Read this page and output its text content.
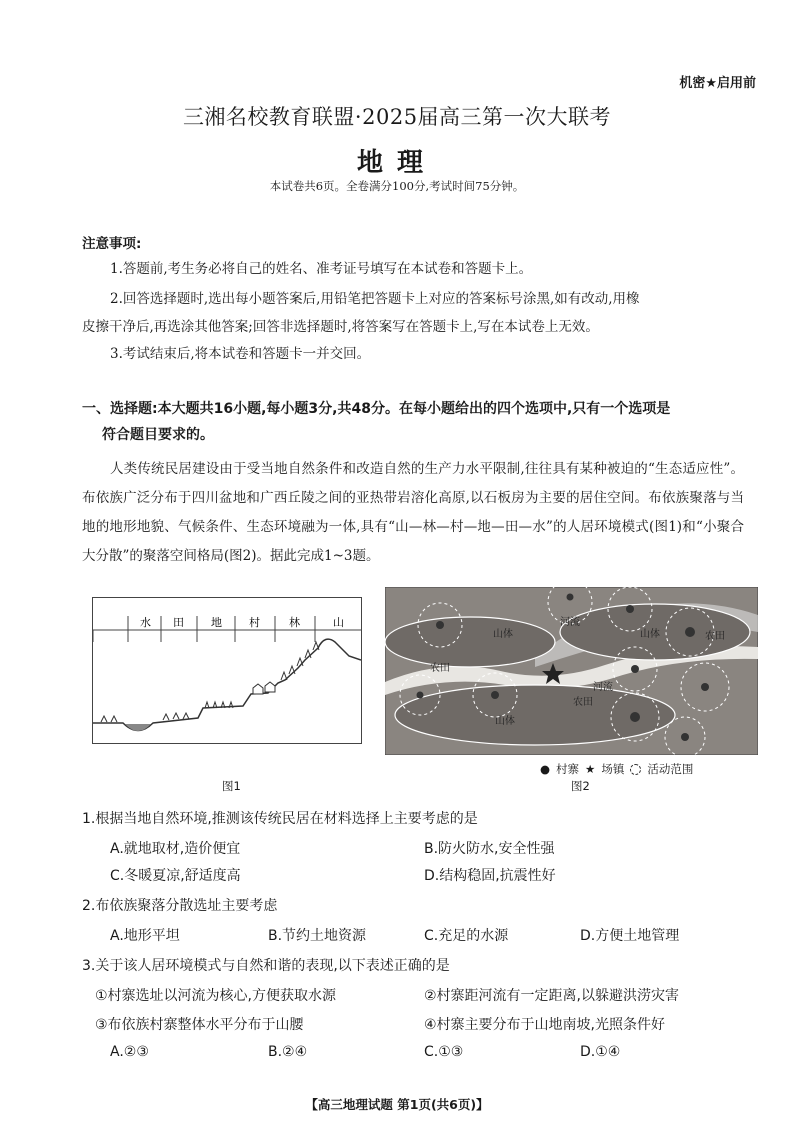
机密★启用前
三湘名校教育联盟·2025届高三第一次大联考
地理
本试卷共6页。全卷满分100分,考试时间75分钟。
注意事项:
1.答题前,考生务必将自己的姓名、准考证号填写在本试卷和答题卡上。
2.回答选择题时,选出每小题答案后,用铅笔把答题卡上对应的答案标号涂黑,如有改动,用橡
皮擦干净后,再选涂其他答案;回答非选择题时,将答案写在答题卡上,写在本试卷上无效。
3.考试结束后,将本试卷和答题卡一并交回。
一、选择题:本大题共16小题,每小题3分,共48分。在每小题给出的四个选项中,只有一个选项是
符合题目要求的。
人类传统民居建设由于受当地自然条件和改造自然的生产力水平限制,往往具有某种被迫的“生态适应性”。布依族广泛分布于四川盆地和广西丘陵之间的亚热带岩溶化高原,以石板房为主要的居住空间。布依族聚落与当地的地形地貌、气候条件、生态环境融为一体,具有“山—林—村—地—田—水”的人居环境模式(图1)和“小聚合大分散”的聚落空间格局(图2)。据此完成1~3题。
水 田 地 村	林	山
图1
山体	山体
山体
河流
河流
农田
农田
农田
● 村寨 ★ 场镇 活动范围
图2
1.根据当地自然环境,推测该传统民居在材料选择上主要考虑的是
A.就地取材,造价便宜	B.防火防水,安全性强
C.冬暖夏凉,舒适度高	D.结构稳固,抗震性好
2.布依族聚落分散选址主要考虑
A.地形平坦	B.节约土地资源	C.充足的水源	D.方便土地管理
3.关于该人居环境模式与自然和谐的表现,以下表述正确的是
①村寨选址以河流为核心,方便获取水源	②村寨距河流有一定距离,以躲避洪涝灾害
③布依族村寨整体水平分布于山腰	④村寨主要分布于山地南坡,光照条件好
A.②③	B.②④	C.①③	D.①④
【高三地理试题 第1页(共6页)】
